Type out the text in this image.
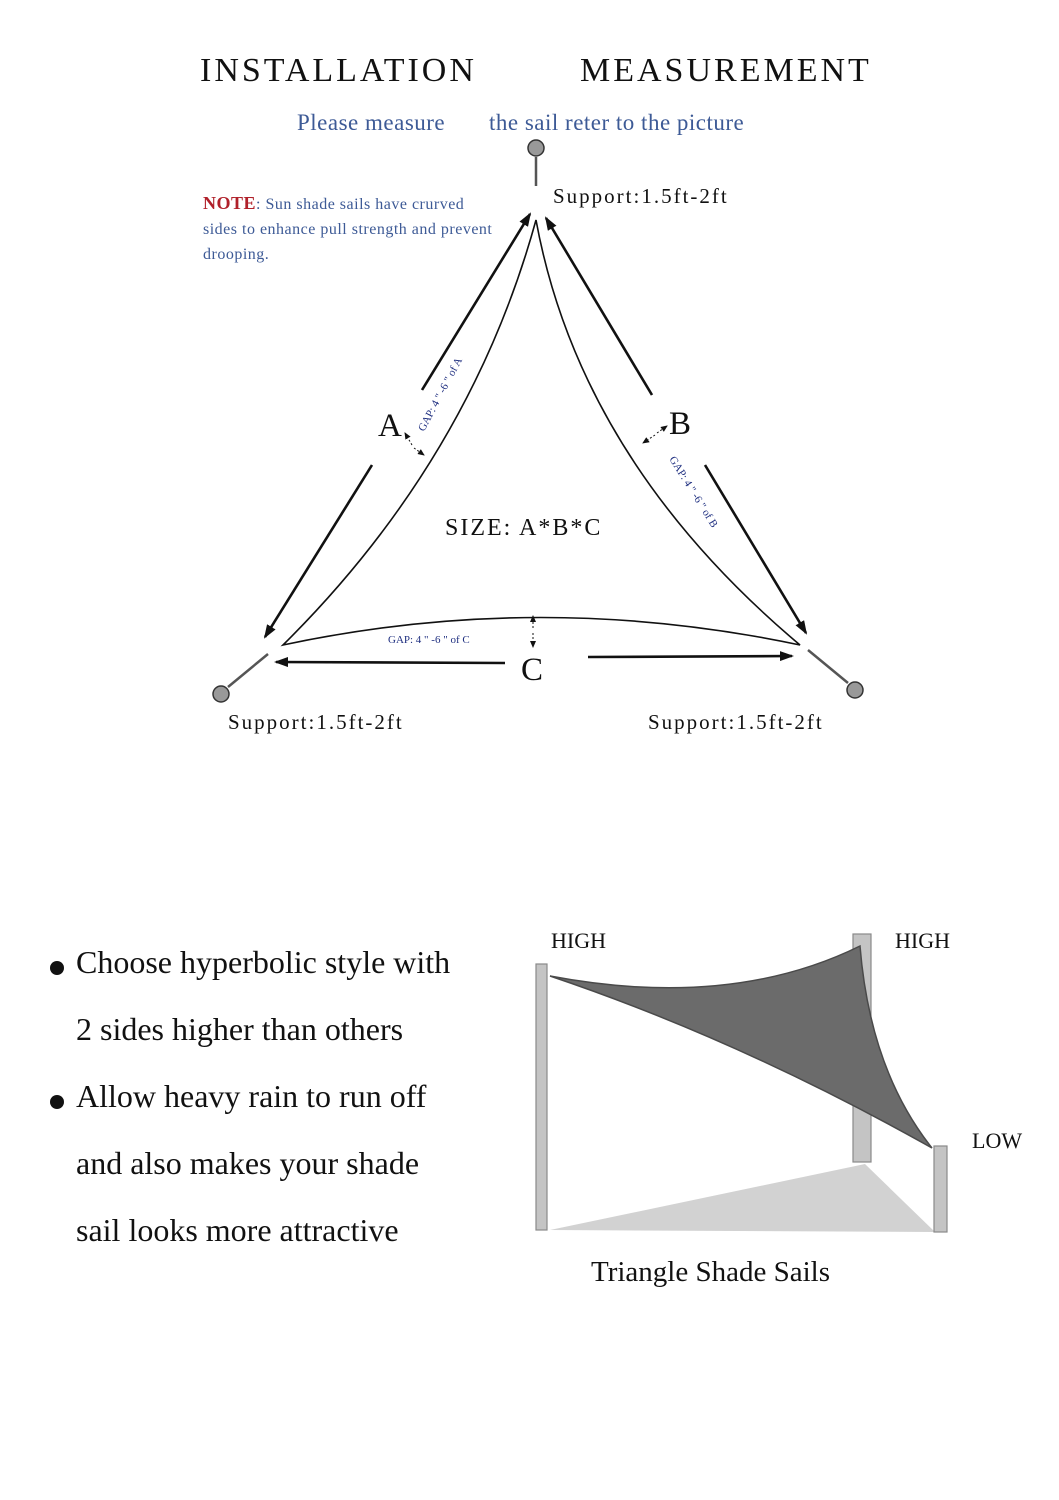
INSTALLATION	MEASUREMENT
Please measure the sail reter to the picture
NOTE: Sun shade sails have crurved sides to enhance pull strength and prevent drooping.
A	B
C
SIZE: A*B*C
GAP: 4 " -6 " of A
GAP: 4 " -6 " of B
GAP: 4 " -6 " of C
Support:1.5ft-2ft
Support:1.5ft-2ft	Support:1.5ft-2ft
Choose hyperbolic style with
2 sides higher than others
Allow heavy rain to run off
and also makes your shade
sail looks more attractive
HIGH	HIGH
LOW
Triangle Shade Sails
